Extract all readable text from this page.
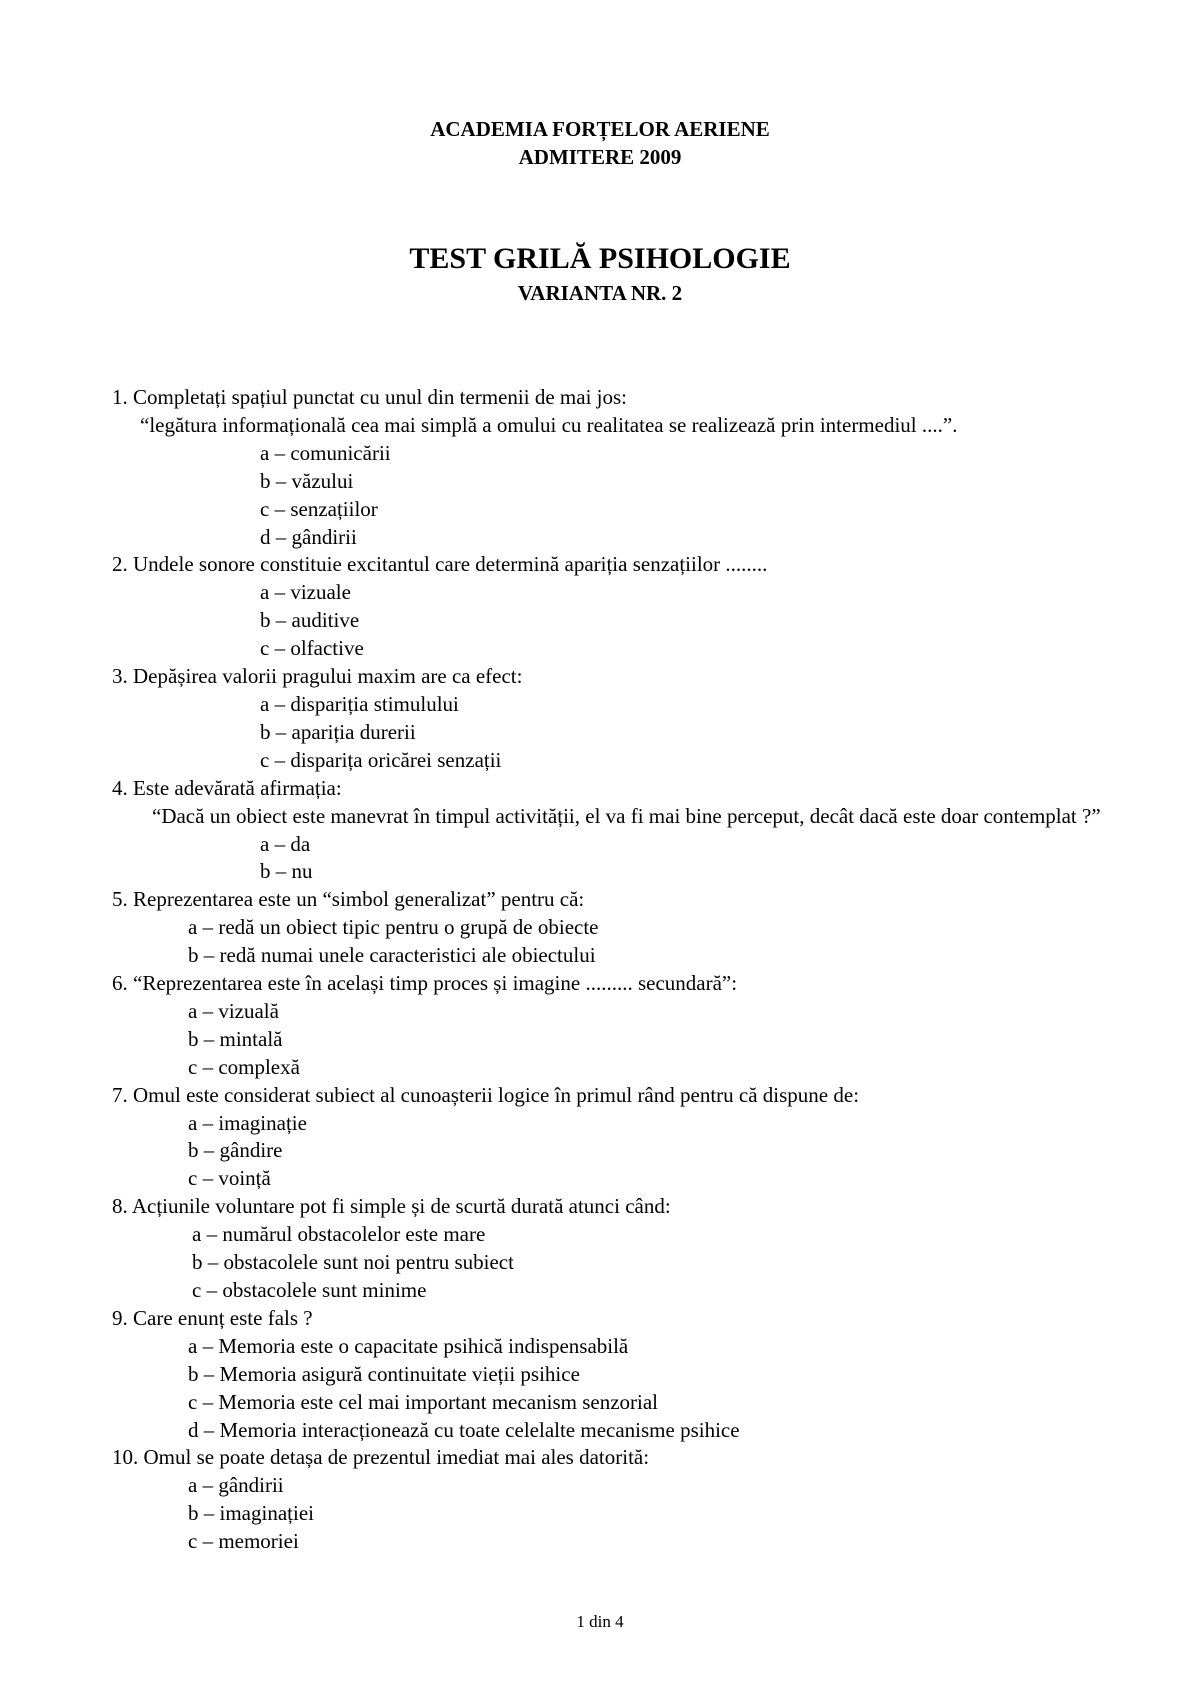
ACADEMIA FORȚELOR AERIENE
ADMITERE 2009
TEST GRILĂ PSIHOLOGIE
VARIANTA NR. 2
1. Completați spațiul punctat cu unul din termenii de mai jos:
“legătura informațională cea mai simplă a omului cu realitatea se realizează prin intermediul ....”.
a – comunicării
b – văzului
c – senzațiilor
d – gândirii
2. Undele sonore constituie excitantul care determină apariția senzațiilor ........
a – vizuale
b – auditive
c – olfactive
3. Depășirea valorii pragului maxim are ca efect:
a – dispariția stimulului
b – apariția durerii
c – disparița oricărei senzații
4. Este adevărată afirmația:
“Dacă un obiect este manevrat în timpul activității, el va fi mai bine perceput, decât dacă este doar contemplat ?”
a – da
b – nu
5. Reprezentarea este un “simbol generalizat” pentru că:
a – redă un obiect tipic pentru o grupă de obiecte
b – redă numai unele caracteristici ale obiectului
6. “Reprezentarea este în același timp proces și imagine ......... secundară”:
a – vizuală
b – mintală
c – complexă
7. Omul este considerat subiect al cunoașterii logice în primul rând pentru că dispune de:
a – imaginație
b – gândire
c – voință
8. Acțiunile voluntare pot fi simple și de scurtă durată atunci când:
a – numărul obstacolelor este mare
b – obstacolele sunt noi pentru subiect
c – obstacolele sunt minime
9. Care enunț este fals ?
a – Memoria este o capacitate psihică indispensabilă
b – Memoria asigură continuitate vieții psihice
c – Memoria este cel mai important mecanism senzorial
d – Memoria interacționează cu toate celelalte mecanisme psihice
10. Omul se poate detașa de prezentul imediat mai ales datorită:
a – gândirii
b – imaginației
c – memoriei
1 din 4
